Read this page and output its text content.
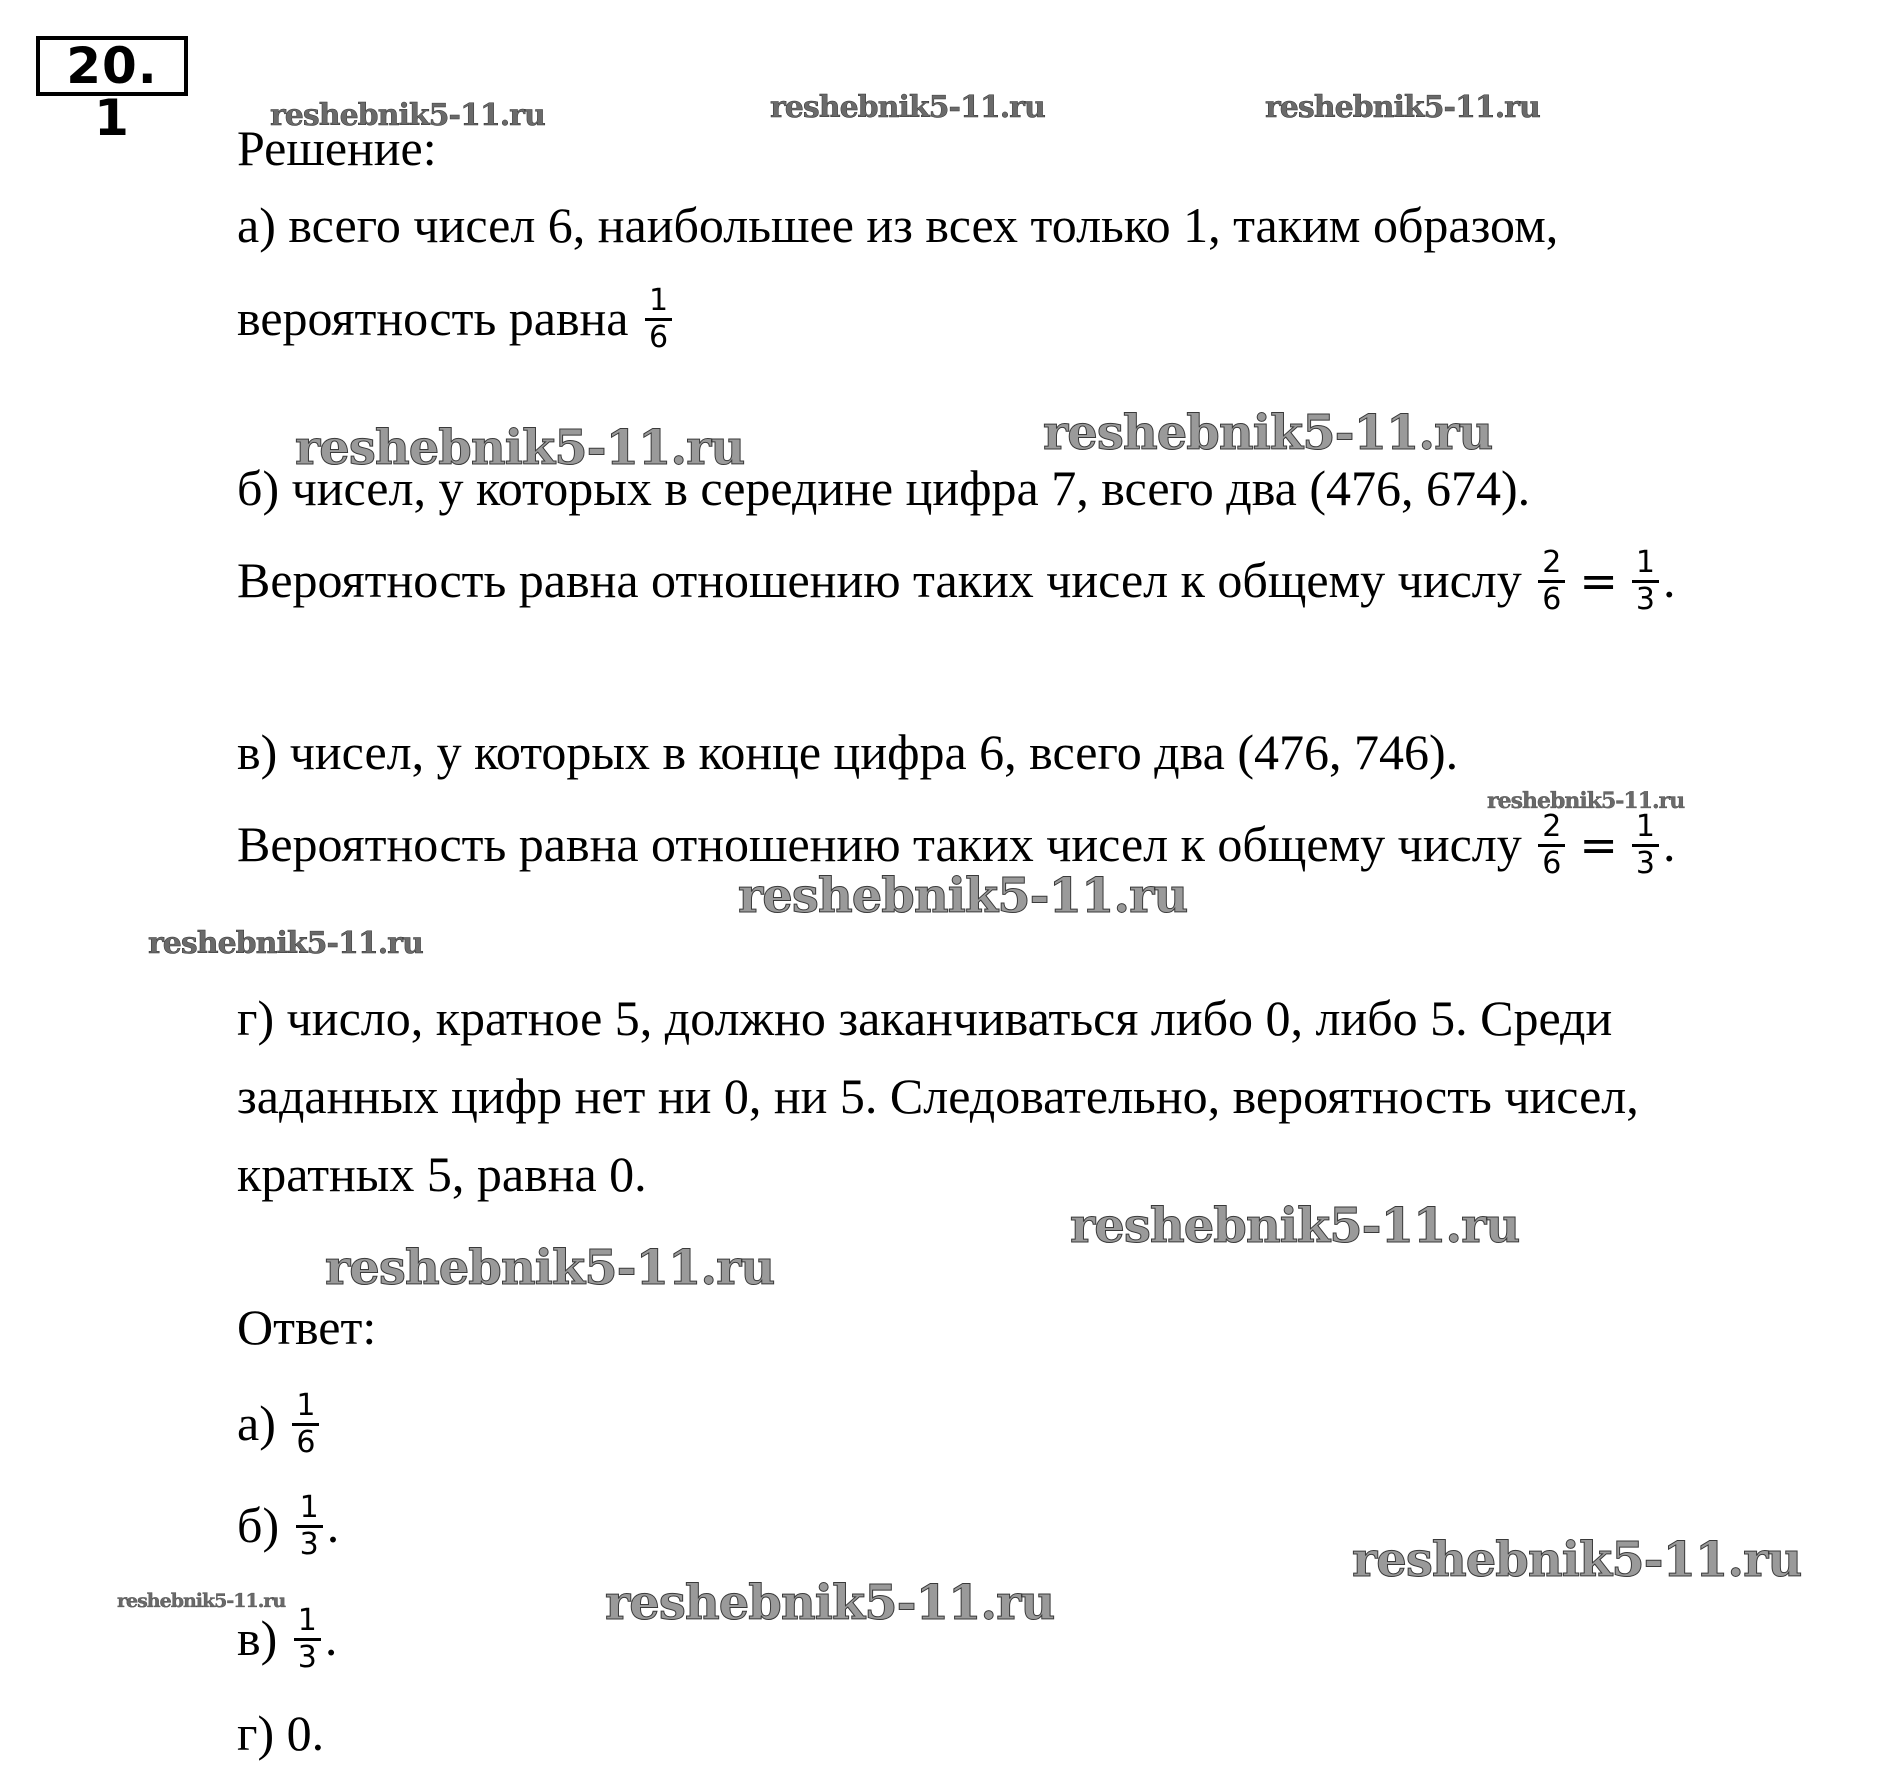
20. 1	reshebnik5-11.ru	reshebnik5-11.ru	reshebnik5-11.ru
reshebnik5-11.ru	reshebnik5-11.ru
reshebnik5-11.ru
reshebnik5-11.ru
reshebnik5-11.ru
reshebnik5-11.ru
reshebnik5-11.ru
reshebnik5-11.ru
reshebnik5-11.ru
reshebnik5-11.ru
Решение:
а) всего чисел 6, наибольшее из всех только 1, таким образом,
вероятность равна $\frac{1}{6}$
б) чисел, у которых в середине цифра 7, всего два (476, 674).
Вероятность равна отношению таких чисел к общему числу $\frac{2}{6} = \frac{1}{3}$ .
в) чисел, у которых в конце цифра 6, всего два (476, 746).
Вероятность равна отношению таких чисел к общему числу $\frac{2}{6} = \frac{1}{3}$ .
г) число, кратное 5, должно заканчиваться либо 0, либо 5. Среди
заданных цифр нет ни 0, ни 5. Следовательно, вероятность чисел,
кратных 5, равна 0.
Ответ:
$а) \frac{1}{6}$
$б) \frac{1}{3}$ .
$в) \frac{1}{3}$ .
г) 0.
